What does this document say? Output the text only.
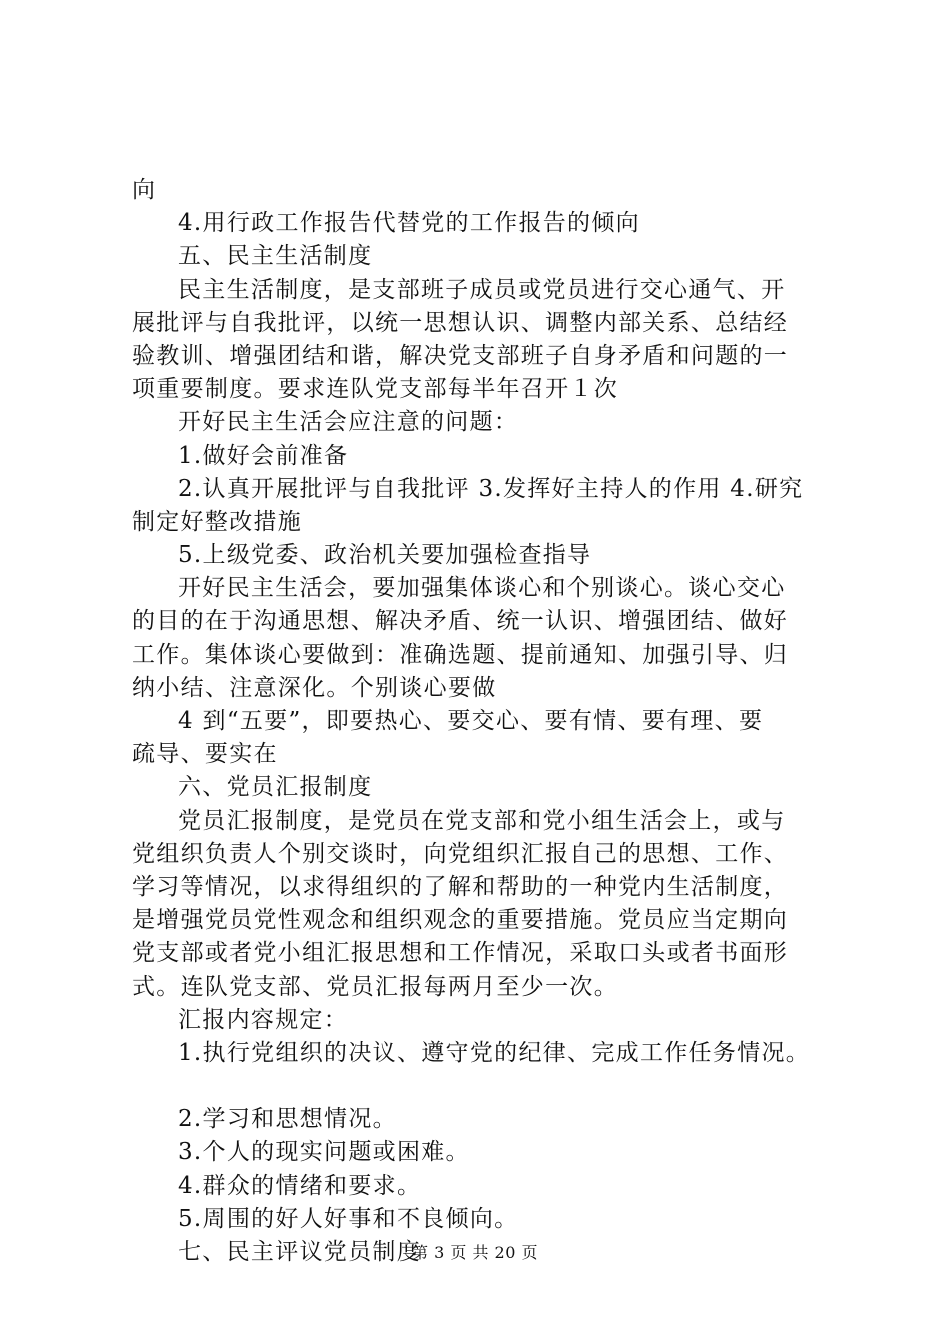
向
4.用行政工作报告代替党的工作报告的倾向
五、民主生活制度
民主生活制度，是支部班子成员或党员进行交心通气、开
展批评与自我批评，以统一思想认识、调整内部关系、总结经
验教训、增强团结和谐，解决党支部班子自身矛盾和问题的一
项重要制度。要求连队党支部每半年召开１次
开好民主生活会应注意的问题：
1.做好会前准备
2.认真开展批评与自我批评 3.发挥好主持人的作用 4.研究
制定好整改措施
5.上级党委、政治机关要加强检查指导
开好民主生活会，要加强集体谈心和个别谈心。谈心交心
的目的在于沟通思想、解决矛盾、统一认识、增强团结、做好
工作。集体谈心要做到：准确选题、提前通知、加强引导、归
纳小结、注意深化。个别谈心要做
4 到“五要”，即要热心、要交心、要有情、要有理、要
疏导、要实在
六、党员汇报制度
党员汇报制度，是党员在党支部和党小组生活会上，或与
党组织负责人个别交谈时，向党组织汇报自己的思想、工作、
学习等情况，以求得组织的了解和帮助的一种党内生活制度，
是增强党员党性观念和组织观念的重要措施。党员应当定期向
党支部或者党小组汇报思想和工作情况，采取口头或者书面形
式。连队党支部、党员汇报每两月至少一次。
汇报内容规定：
1.执行党组织的决议、遵守党的纪律、完成工作任务情况。
2.学习和思想情况。
3.个人的现实问题或困难。
4.群众的情绪和要求。
5.周围的好人好事和不良倾向。
七、民主评议党员制度
第 3 页 共 20 页
